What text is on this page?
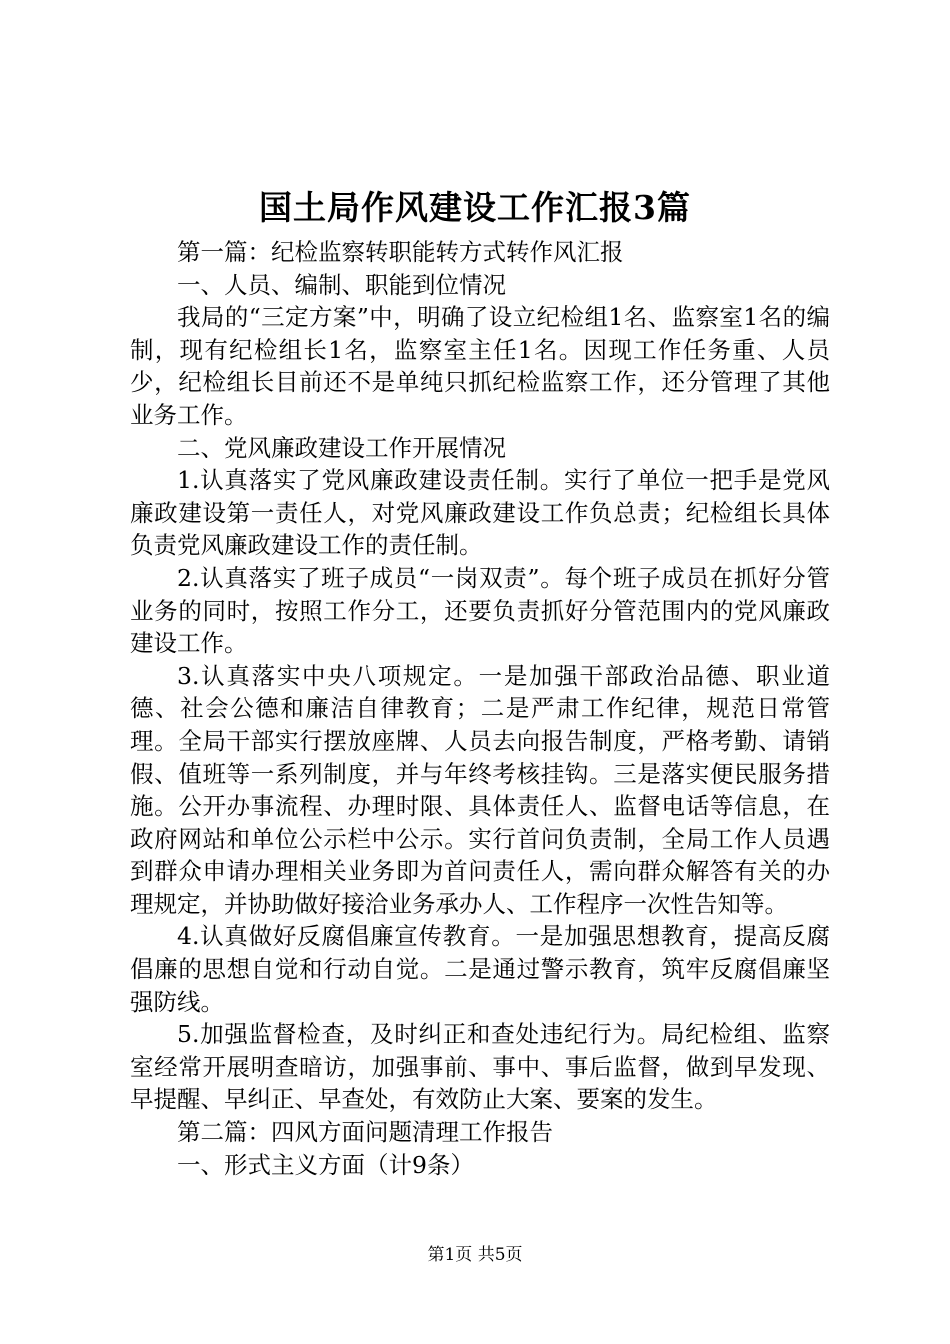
国土局作风建设工作汇报3篇

第一篇：纪检监察转职能转方式转作风汇报

一、人员、编制、职能到位情况

我局的“三定方案”中，明确了设立纪检组1名、监察室1名的编制，现有纪检组长1名，监察室主任1名。因现工作任务重、人员少，纪检组长目前还不是单纯只抓纪检监察工作，还分管理了其他业务工作。

二、党风廉政建设工作开展情况

1.认真落实了党风廉政建设责任制。实行了单位一把手是党风廉政建设第一责任人，对党风廉政建设工作负总责；纪检组长具体负责党风廉政建设工作的责任制。

2.认真落实了班子成员“一岗双责”。每个班子成员在抓好分管业务的同时，按照工作分工，还要负责抓好分管范围内的党风廉政建设工作。

3.认真落实中央八项规定。一是加强干部政治品德、职业道德、社会公德和廉洁自律教育；二是严肃工作纪律，规范日常管理。全局干部实行摆放座牌、人员去向报告制度，严格考勤、请销假、值班等一系列制度，并与年终考核挂钩。三是落实便民服务措施。公开办事流程、办理时限、具体责任人、监督电话等信息，在政府网站和单位公示栏中公示。实行首问负责制，全局工作人员遇到群众申请办理相关业务即为首问责任人，需向群众解答有关的办理规定，并协助做好接洽业务承办人、工作程序一次性告知等。

4.认真做好反腐倡廉宣传教育。一是加强思想教育，提高反腐倡廉的思想自觉和行动自觉。二是通过警示教育，筑牢反腐倡廉坚强防线。

5.加强监督检查，及时纠正和查处违纪行为。局纪检组、监察室经常开展明查暗访，加强事前、事中、事后监督，做到早发现、早提醒、早纠正、早查处，有效防止大案、要案的发生。

第二篇：四风方面问题清理工作报告

一、形式主义方面（计9条）

第1页 共5页
